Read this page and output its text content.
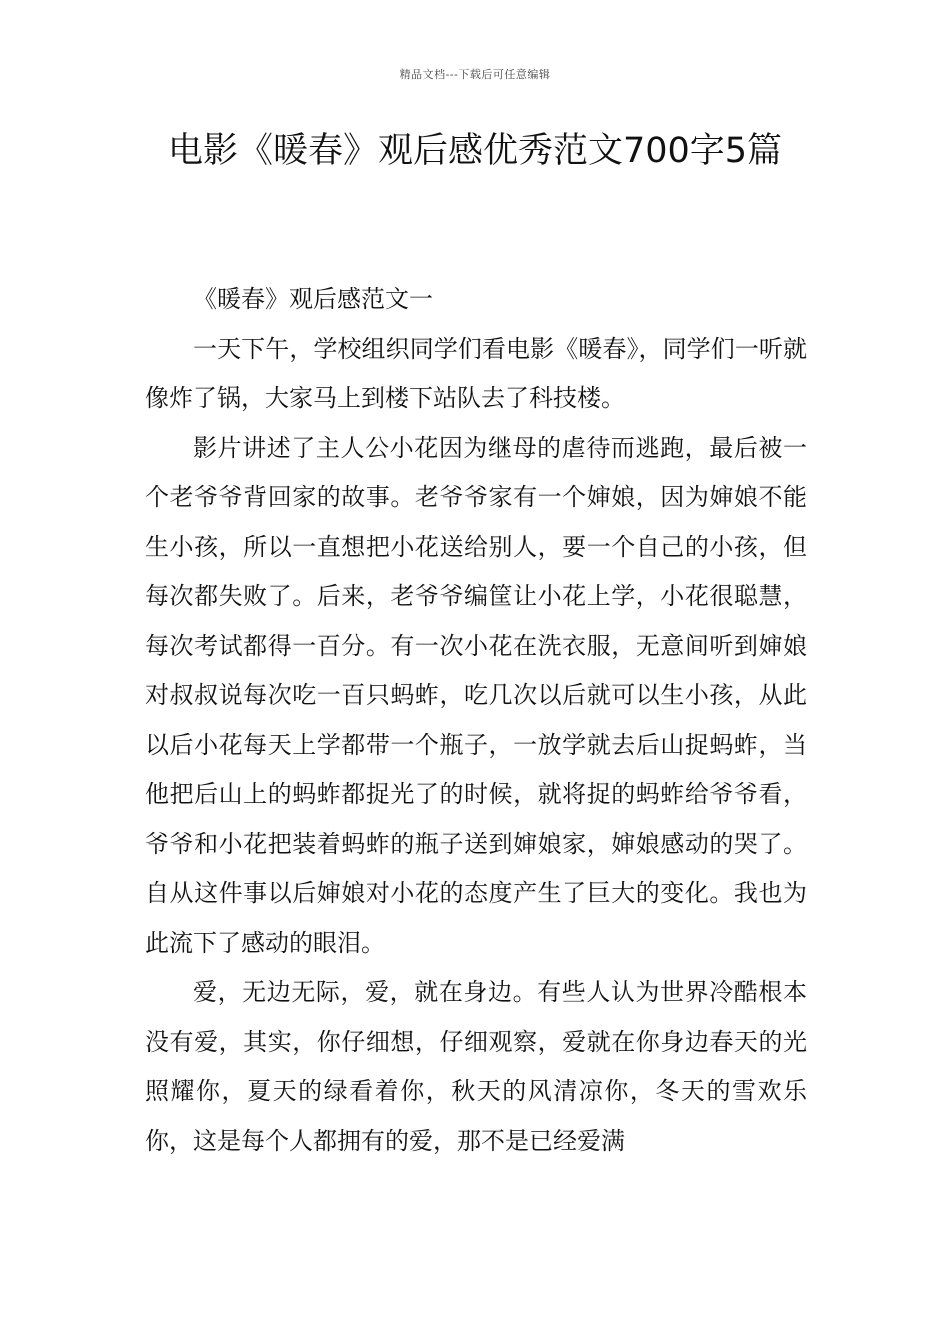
精品文档---下载后可任意编辑
电影《暖春》观后感优秀范文700字5篇

《暖春》观后感范文一

一天下午，学校组织同学们看电影《暖春》，同学们一听就像炸了锅，大家马上到楼下站队去了科技楼。

影片讲述了主人公小花因为继母的虐待而逃跑，最后被一个老爷爷背回家的故事。老爷爷家有一个婶娘，因为婶娘不能生小孩，所以一直想把小花送给别人，要一个自己的小孩，但每次都失败了。后来，老爷爷编筐让小花上学，小花很聪慧，每次考试都得一百分。有一次小花在洗衣服，无意间听到婶娘对叔叔说每次吃一百只蚂蚱，吃几次以后就可以生小孩，从此以后小花每天上学都带一个瓶子，一放学就去后山捉蚂蚱，当他把后山上的蚂蚱都捉光了的时候，就将捉的蚂蚱给爷爷看，爷爷和小花把装着蚂蚱的瓶子送到婶娘家，婶娘感动的哭了。自从这件事以后婶娘对小花的态度产生了巨大的变化。我也为此流下了感动的眼泪。

爱，无边无际，爱，就在身边。有些人认为世界冷酷根本没有爱，其实，你仔细想，仔细观察，爱就在你身边春天的光照耀你，夏天的绿看着你，秋天的风清凉你，冬天的雪欢乐你，这是每个人都拥有的爱，那不是已经爱满
